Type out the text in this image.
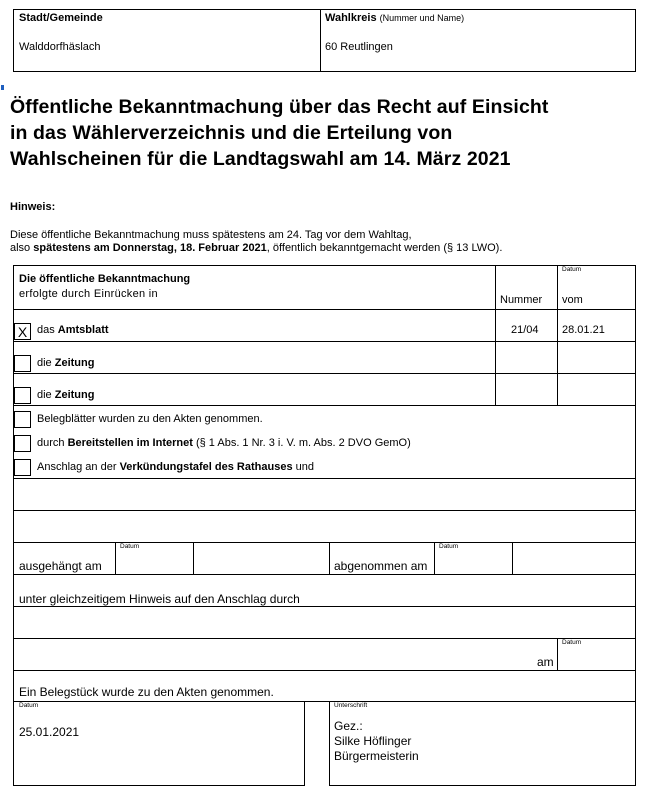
Stadt/Gemeinde
Walddorfhäslach
Wahlkreis (Nummer und Name)
60 Reutlingen
Öffentliche Bekanntmachung über das Recht auf Einsicht
in das Wählerverzeichnis und die Erteilung von
Wahlscheinen für die Landtagswahl am 14. März 2021
Hinweis:
Diese öffentliche Bekanntmachung muss spätestens am 24. Tag vor dem Wahltag,
also spätestens am Donnerstag, 18. Februar 2021, öffentlich bekanntgemacht werden (§ 13 LWO).
Die öffentliche Bekanntmachung
erfolgte durch Einrücken in	Nummer
Datum
vom
X das Amtsblatt	21/04 28.01.21
die Zeitung
die Zeitung
Belegblätter wurden zu den Akten genommen.
durch Bereitstellen im Internet (§ 1 Abs. 1 Nr. 3 i. V. m. Abs. 2 DVO GemO)
Anschlag an der Verkündungstafel des Rathauses und
ausgehängt am
Datum
abgenommen am
Datum
unter gleichzeitigem Hinweis auf den Anschlag durch
am
Datum
Ein Belegstück wurde zu den Akten genommen.
Datum
25.01.2021
Unterschrift
Gez.:
Silke Höflinger
Bürgermeisterin
